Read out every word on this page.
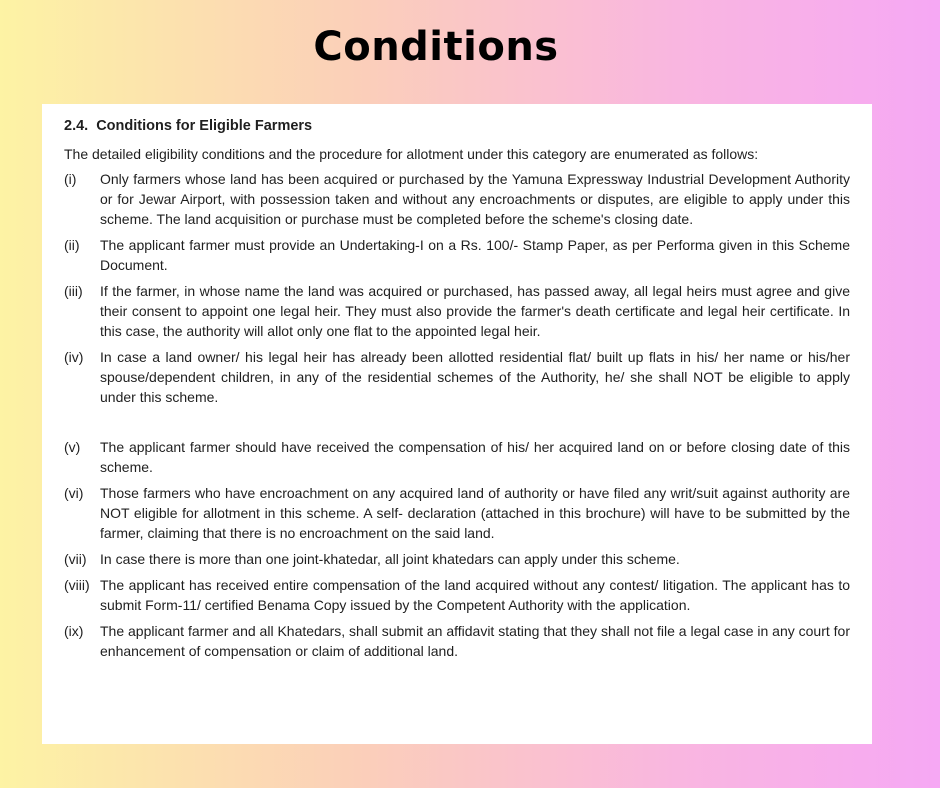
Conditions
2.4. Conditions for Eligible Farmers

The detailed eligibility conditions and the procedure for allotment under this category are enumerated as follows:

(i)	Only farmers whose land has been acquired or purchased by the Yamuna Expressway Industrial Development Authority or for Jewar Airport, with possession taken and without any encroachments or disputes, are eligible to apply under this scheme. The land acquisition or purchase must be completed before the scheme's closing date.
(ii)	The applicant farmer must provide an Undertaking-I on a Rs. 100/- Stamp Paper, as per Performa given in this Scheme Document.
(iii)	If the farmer, in whose name the land was acquired or purchased, has passed away, all legal heirs must agree and give their consent to appoint one legal heir. They must also provide the farmer's death certificate and legal heir certificate. In this case, the authority will allot only one flat to the appointed legal heir.
(iv)	In case a land owner/ his legal heir has already been allotted residential flat/ built up flats in his/ her name or his/her spouse/dependent children, in any of the residential schemes of the Authority, he/ she shall NOT be eligible to apply under this scheme.
(v)	The applicant farmer should have received the compensation of his/ her acquired land on or before closing date of this scheme.
(vi)	Those farmers who have encroachment on any acquired land of authority or have filed any writ/suit against authority are NOT eligible for allotment in this scheme. A self- declaration (attached in this brochure) will have to be submitted by the farmer, claiming that there is no encroachment on the said land.
(vii) In case there is more than one joint-khatedar, all joint khatedars can apply under this scheme.
(viii) The applicant has received entire compensation of the land acquired without any contest/ litigation. The applicant has to submit Form-11/ certified Benama Copy issued by the Competent Authority with the application.
(ix)	The applicant farmer and all Khatedars, shall submit an affidavit stating that they shall not file a legal case in any court for enhancement of compensation or claim of additional land.
